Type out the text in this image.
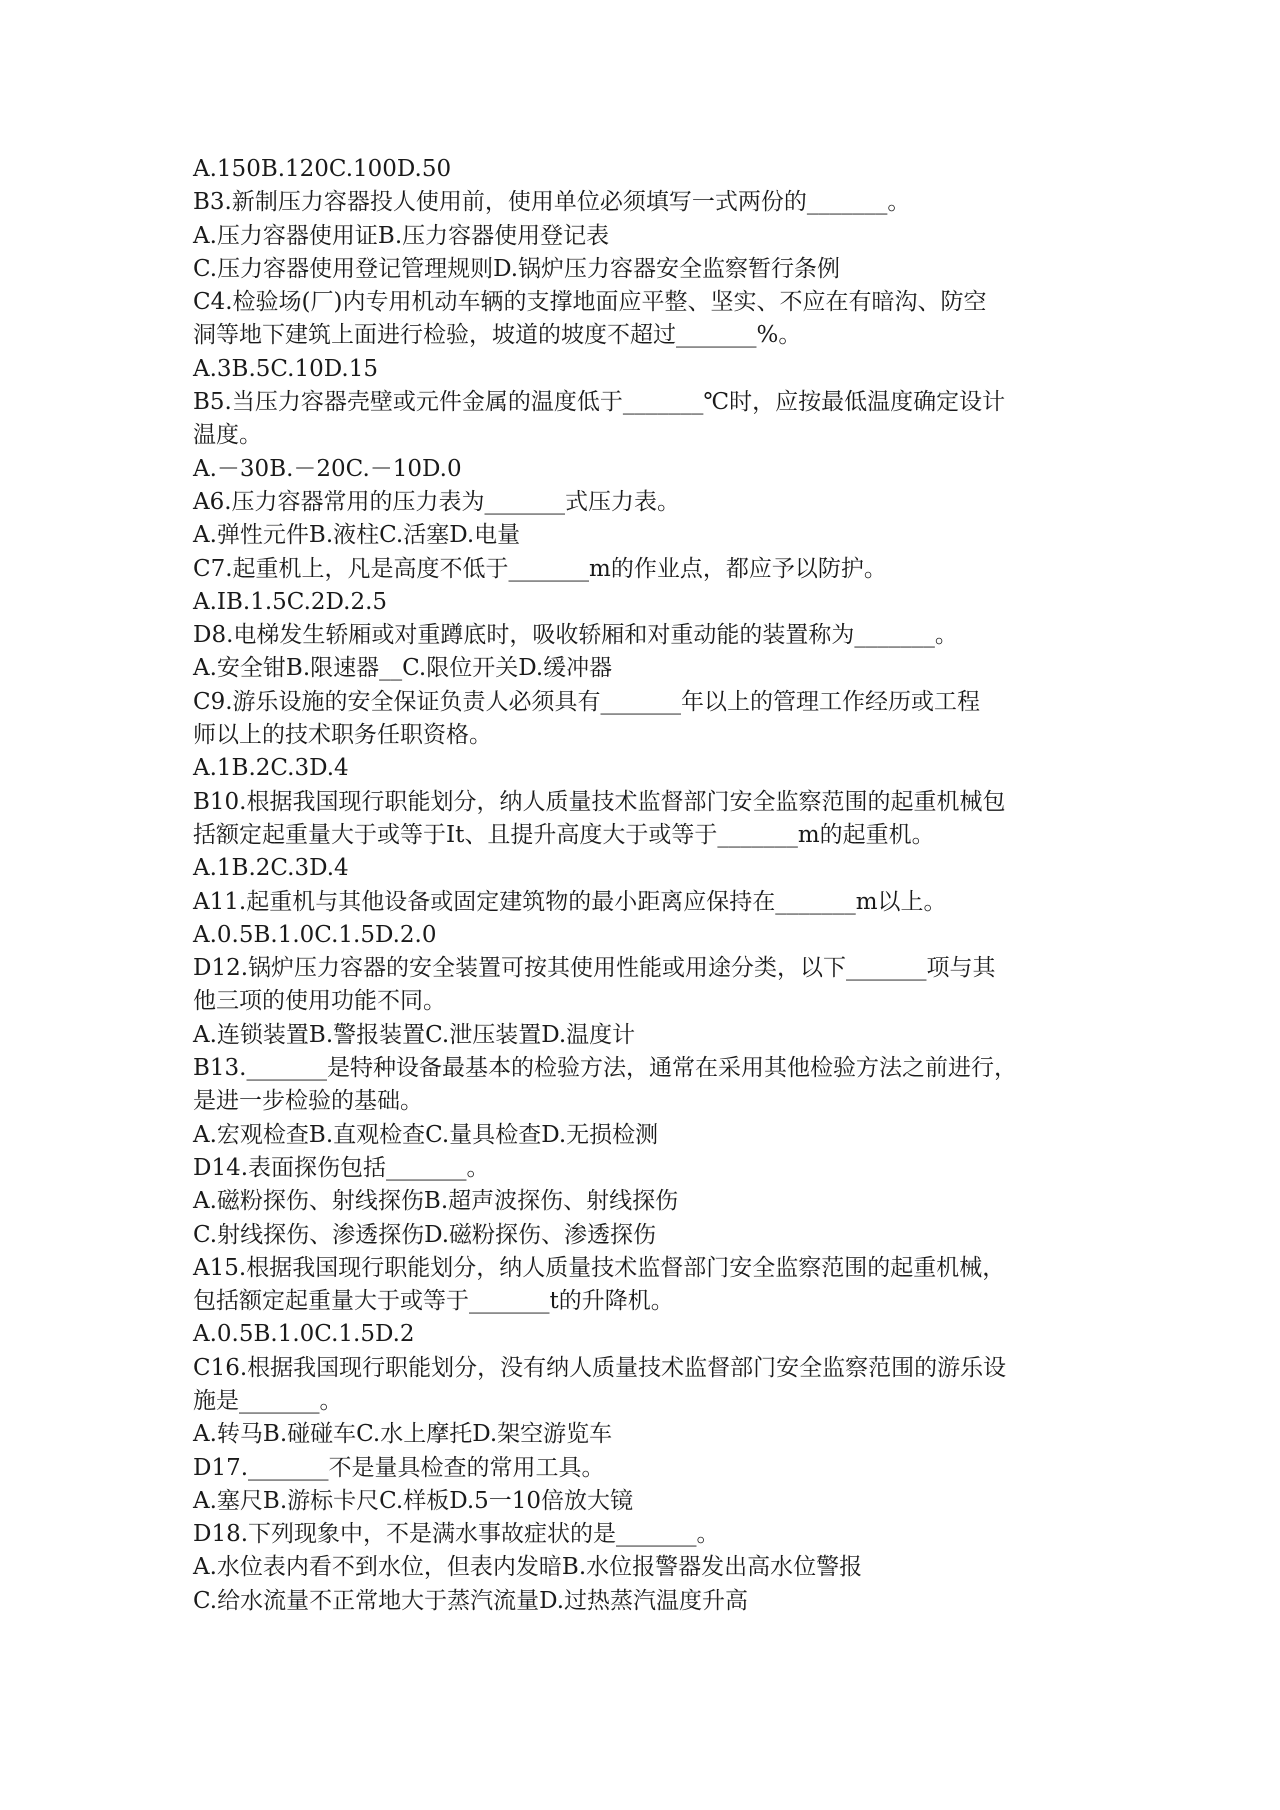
A.150B.120C.100D.50
B3.新制压力容器投人使用前，使用单位必须填写一式两份的_______。
A.压力容器使用证B.压力容器使用登记表
C.压力容器使用登记管理规则D.锅炉压力容器安全监察暂行条例
C4.检验场(厂)内专用机动车辆的支撑地面应平整、坚实、不应在有暗沟、防空
洞等地下建筑上面进行检验，坡道的坡度不超过_______%。
A.3B.5C.10D.15
B5.当压力容器壳壁或元件金属的温度低于_______℃时，应按最低温度确定设计
温度。
A.－30B.－20C.－10D.0
A6.压力容器常用的压力表为_______式压力表。
A.弹性元件B.液柱C.活塞D.电量
C7.起重机上，凡是高度不低于_______m的作业点，都应予以防护。
A.IB.1.5C.2D.2.5
D8.电梯发生轿厢或对重蹲底时，吸收轿厢和对重动能的装置称为_______。
A.安全钳B.限速器__C.限位开关D.缓冲器
C9.游乐设施的安全保证负责人必须具有_______年以上的管理工作经历或工程
师以上的技术职务任职资格。
A.1B.2C.3D.4
B10.根据我国现行职能划分，纳人质量技术监督部门安全监察范围的起重机械包
括额定起重量大于或等于It、且提升高度大于或等于_______m的起重机。
A.1B.2C.3D.4
A11.起重机与其他设备或固定建筑物的最小距离应保持在_______m以上。
A.0.5B.1.0C.1.5D.2.0
D12.锅炉压力容器的安全装置可按其使用性能或用途分类，以下_______项与其
他三项的使用功能不同。
A.连锁装置B.警报装置C.泄压装置D.温度计
B13._______是特种设备最基本的检验方法，通常在采用其他检验方法之前进行，
是进一步检验的基础。
A.宏观检查B.直观检查C.量具检查D.无损检测
D14.表面探伤包括_______。
A.磁粉探伤、射线探伤B.超声波探伤、射线探伤
C.射线探伤、渗透探伤D.磁粉探伤、渗透探伤
A15.根据我国现行职能划分，纳人质量技术监督部门安全监察范围的起重机械，
包括额定起重量大于或等于_______t的升降机。
A.0.5B.1.0C.1.5D.2
C16.根据我国现行职能划分，没有纳人质量技术监督部门安全监察范围的游乐设
施是_______。
A.转马B.碰碰车C.水上摩托D.架空游览车
D17._______不是量具检查的常用工具。
A.塞尺B.游标卡尺C.样板D.5一10倍放大镜
D18.下列现象中，不是满水事故症状的是_______。
A.水位表内看不到水位，但表内发暗B.水位报警器发出高水位警报
C.给水流量不正常地大于蒸汽流量D.过热蒸汽温度升高
